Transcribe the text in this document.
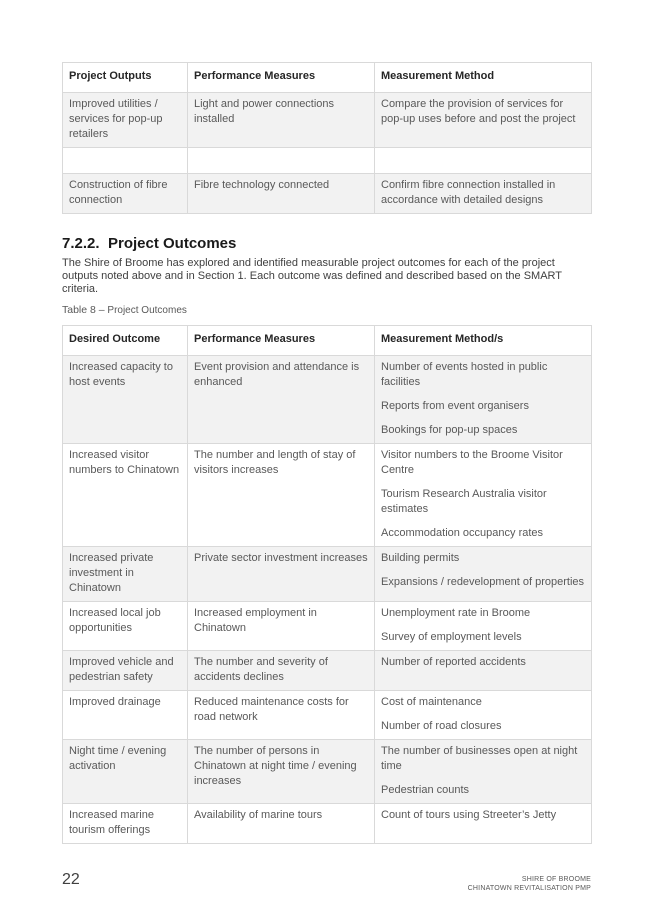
Project Outputs	Performance Measures	Measurement Method
Improved utilities / services for pop-up retailers	Light and power connections installed	Compare the provision of services for pop-up uses before and post the project

Construction of fibre connection	Fibre technology connected	Confirm fibre connection installed in accordance with detailed designs
7.2.2. Project Outcomes

The Shire of Broome has explored and identified measurable project outcomes for each of the project outputs noted above and in Section 1. Each outcome was defined and described based on the SMART criteria.

Table 8 – Project Outcomes

Desired Outcome	Performance Measures	Measurement Method/s
Increased capacity to host events	Event provision and attendance is enhanced	Number of events hosted in public facilities

Reports from event organisers

Bookings for pop-up spaces

Increased visitor numbers to Chinatown	The number and length of stay of visitors increases	Visitor numbers to the Broome Visitor Centre

Tourism Research Australia visitor estimates

Accommodation occupancy rates

Increased private investment in Chinatown	Private sector investment increases	Building permits

Expansions / redevelopment of properties

Increased local job opportunities	Increased employment in Chinatown	Unemployment rate in Broome

Survey of employment levels

Improved vehicle and pedestrian safety	The number and severity of accidents declines	Number of reported accidents

Improved drainage	Reduced maintenance costs for road network	Cost of maintenance

Number of road closures

Night time / evening activation	The number of persons in Chinatown at night time / evening increases	The number of businesses open at night time

Pedestrian counts

Increased marine tourism offerings	Availability of marine tours	Count of tours using Streeter’s Jetty

22	SHIRE OF BROOME
CHINATOWN REVITALISATION PMP
